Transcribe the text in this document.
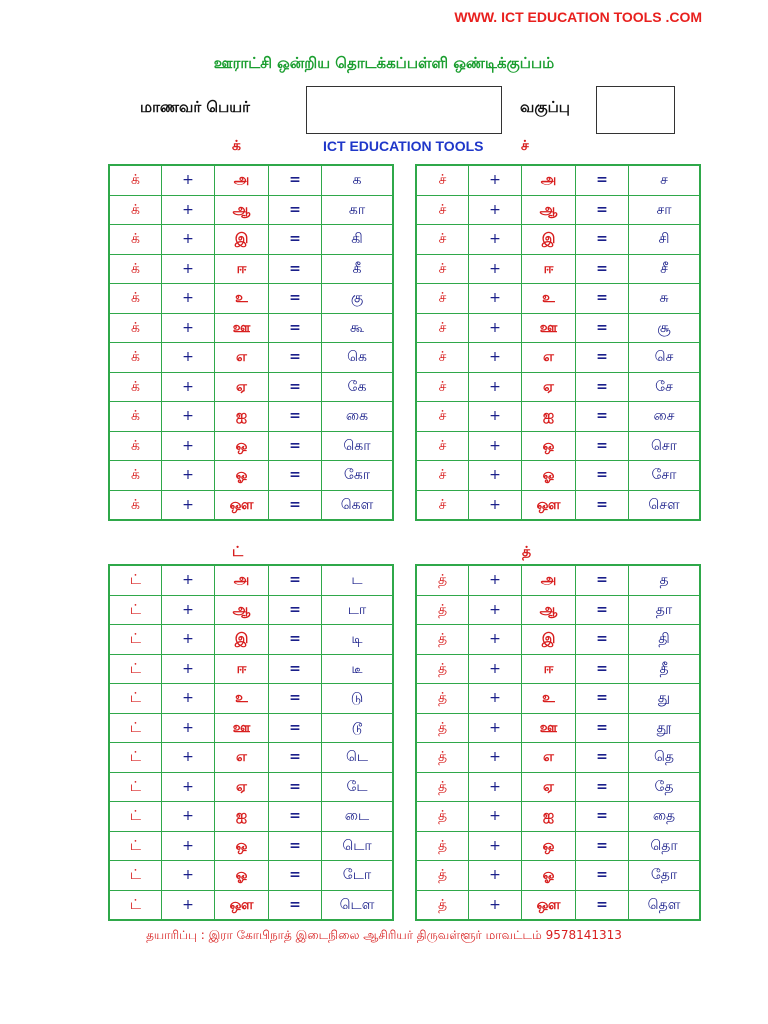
WWW. ICT EDUCATION TOOLS .COM
ஊராட்சி ஒன்றிய தொடக்கப்பள்ளி ஒண்டிக்குப்பம்
மாணவர் பெயர்	வகுப்பு
ICT EDUCATION TOOLS
க்	ச்
ட்	த்
க்	+	அ	=	க
க்	+	ஆ	=	கா
க்	+	இ	=	கி
க்	+	ஈ	=	கீ
க்	+	உ	=	கு
க்	+	ஊ	=	கூ
க்	+	எ	=	கெ
க்	+	ஏ	=	கே
க்	+	ஐ	=	கை
க்	+	ஒ	=	கொ
க்	+	ஓ	=	கோ
க்	+	ஔ	=	கௌ
ச்	+	அ	=	ச
ச்	+	ஆ	=	சா
ச்	+	இ	=	சி
ச்	+	ஈ	=	சீ
ச்	+	உ	=	சு
ச்	+	ஊ	=	சூ
ச்	+	எ	=	செ
ச்	+	ஏ	=	சே
ச்	+	ஐ	=	சை
ச்	+	ஒ	=	சொ
ச்	+	ஓ	=	சோ
ச்	+	ஔ	=	சௌ
ட்	+	அ	=	ட
ட்	+	ஆ	=	டா
ட்	+	இ	=	டி
ட்	+	ஈ	=	டீ
ட்	+	உ	=	டு
ட்	+	ஊ	=	டூ
ட்	+	எ	=	டெ
ட்	+	ஏ	=	டே
ட்	+	ஐ	=	டை
ட்	+	ஒ	=	டொ
ட்	+	ஓ	=	டோ
ட்	+	ஔ	=	டௌ
த்	+	அ	=	த
த்	+	ஆ	=	தா
த்	+	இ	=	தி
த்	+	ஈ	=	தீ
த்	+	உ	=	து
த்	+	ஊ	=	தூ
த்	+	எ	=	தெ
த்	+	ஏ	=	தே
த்	+	ஐ	=	தை
த்	+	ஒ	=	தொ
த்	+	ஓ	=	தோ
த்	+	ஔ	=	தௌ
தயாரிப்பு : இரா கோபிநாத் இடைநிலை ஆசிரியர் திருவள்ளூர் மாவட்டம் 9578141313
